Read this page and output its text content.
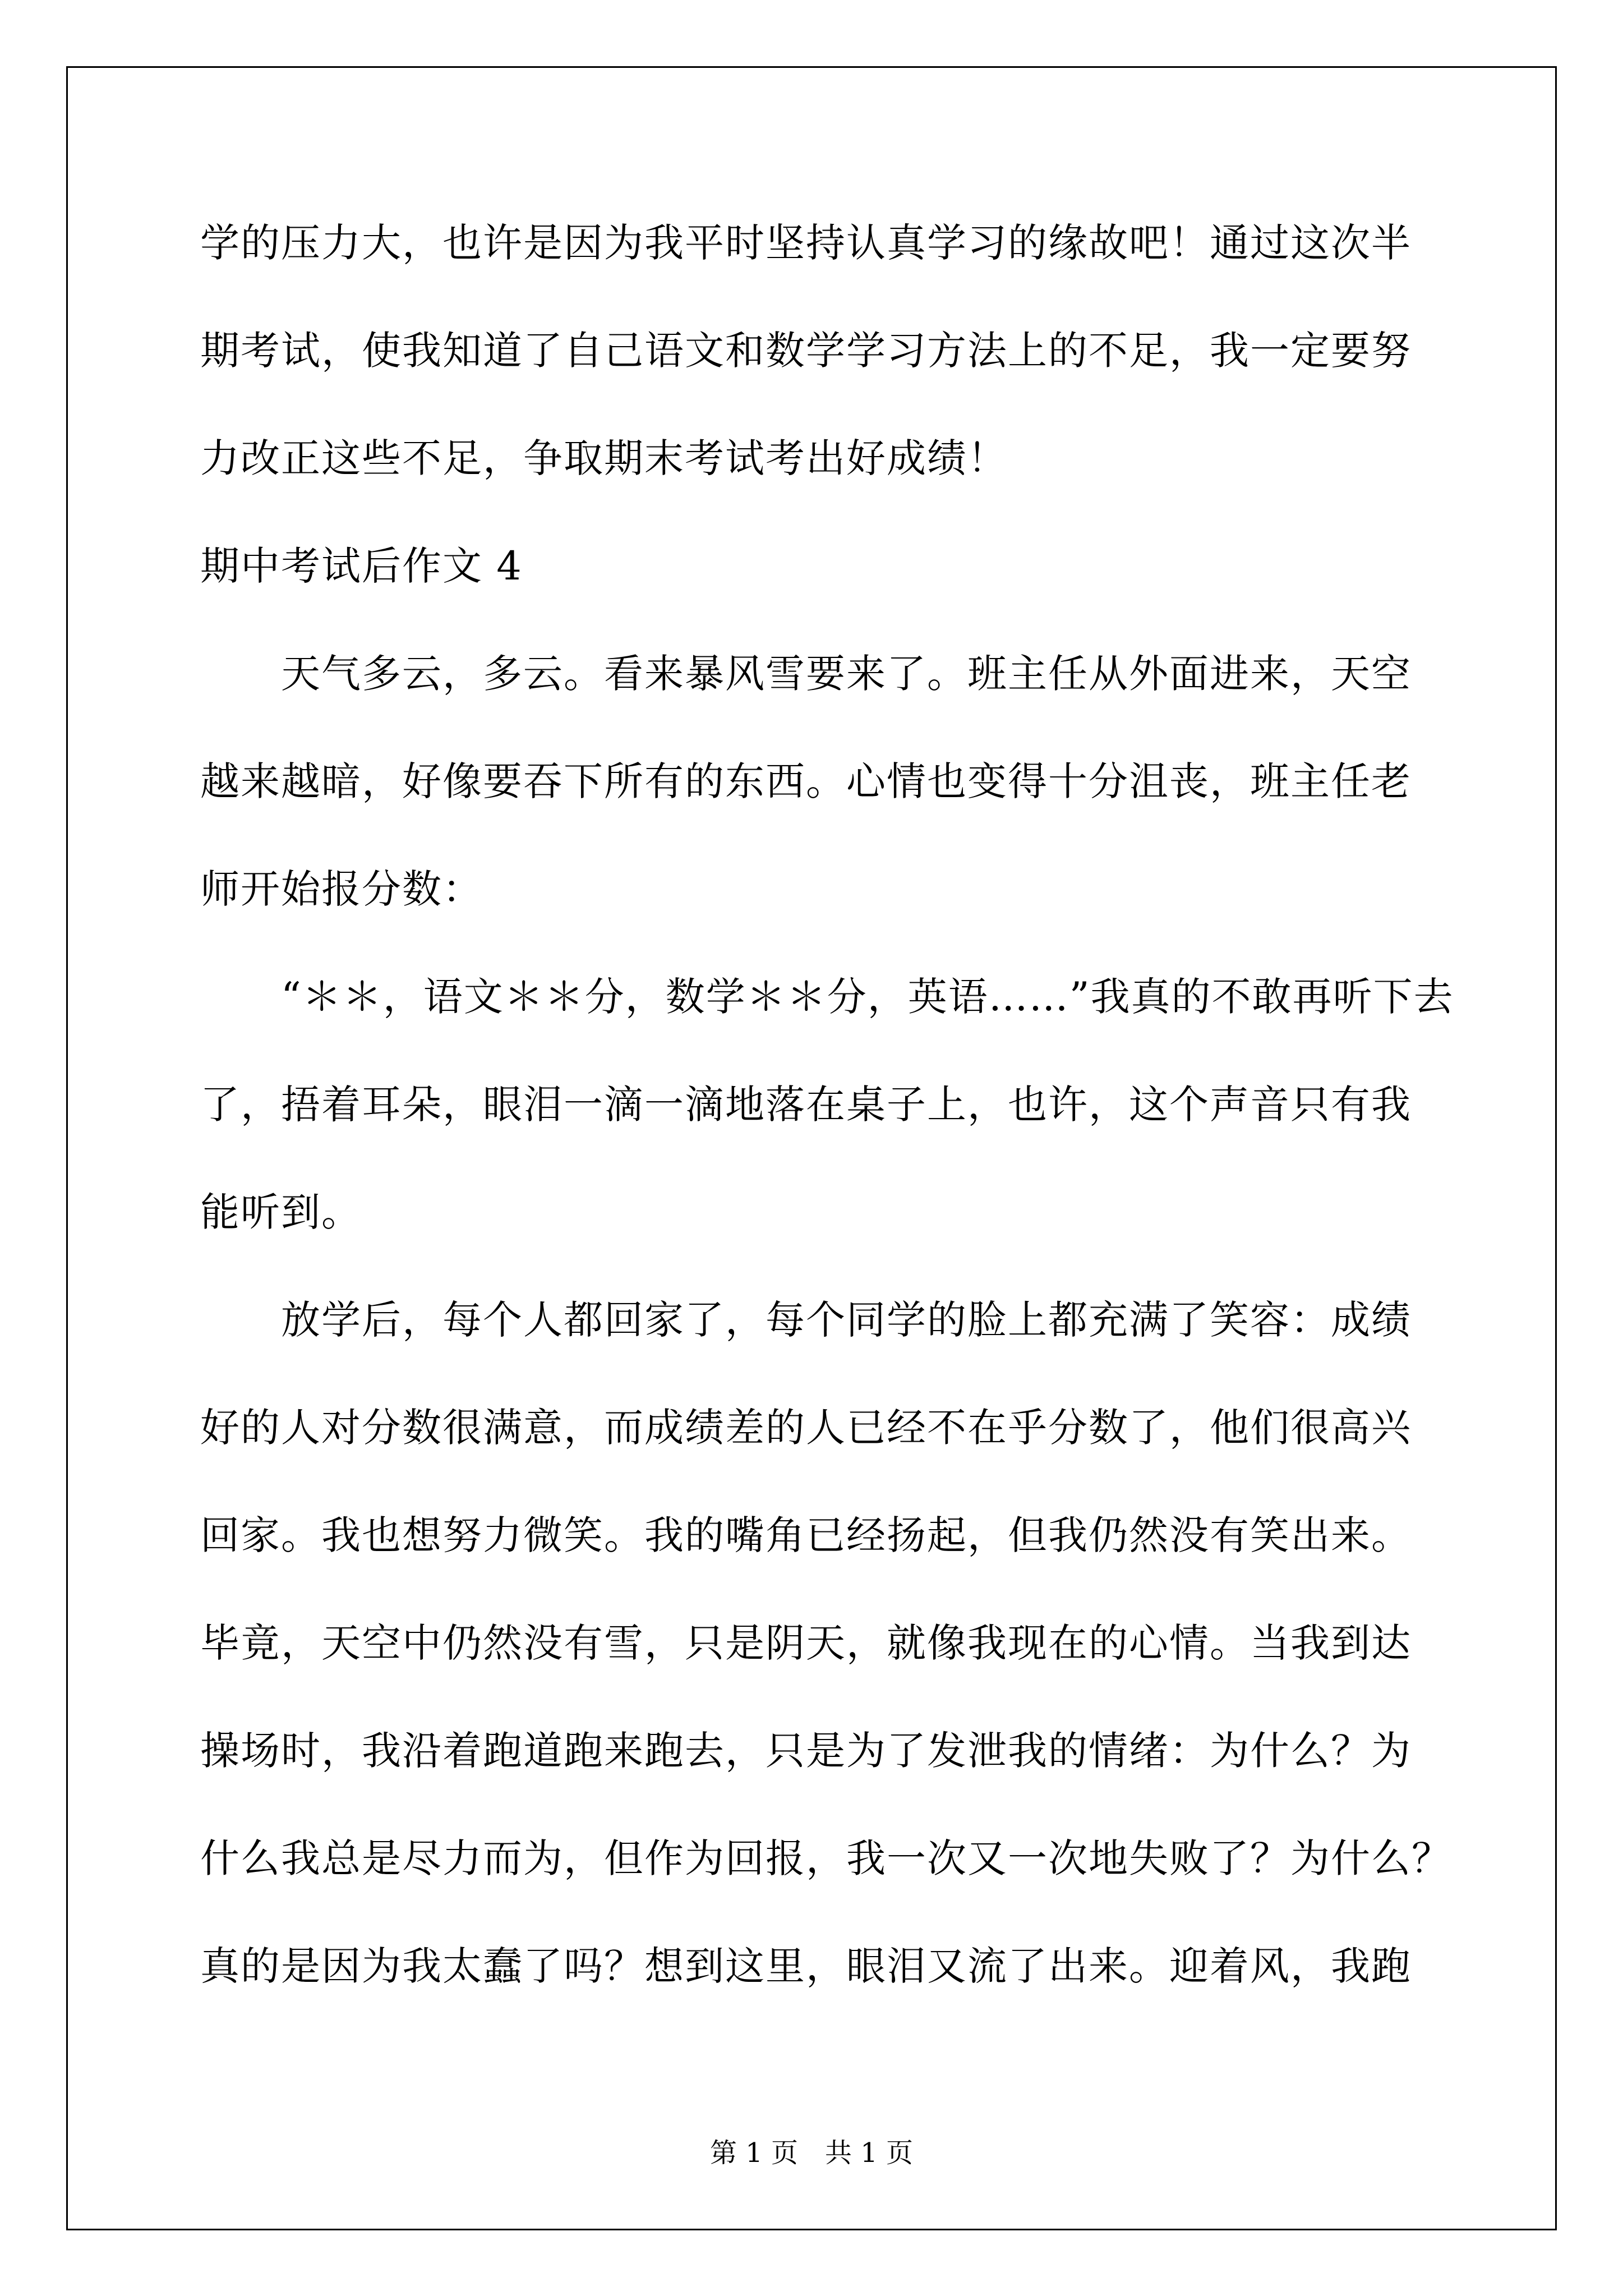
学的压力大，也许是因为我平时坚持认真学习的缘故吧！通过这次半
期考试，使我知道了自己语文和数学学习方法上的不足，我一定要努
力改正这些不足，争取期末考试考出好成绩！
期中考试后作文 4
　　天气多云，多云。看来暴风雪要来了。班主任从外面进来，天空
越来越暗，好像要吞下所有的东西。心情也变得十分沮丧，班主任老
师开始报分数：
　　“＊＊，语文＊＊分，数学＊＊分，英语……”我真的不敢再听下去
了，捂着耳朵，眼泪一滴一滴地落在桌子上，也许，这个声音只有我
能听到。
　　放学后，每个人都回家了，每个同学的脸上都充满了笑容：成绩
好的人对分数很满意，而成绩差的人已经不在乎分数了，他们很高兴
回家。我也想努力微笑。我的嘴角已经扬起，但我仍然没有笑出来。
毕竟，天空中仍然没有雪，只是阴天，就像我现在的心情。当我到达
操场时，我沿着跑道跑来跑去，只是为了发泄我的情绪：为什么？为
什么我总是尽力而为，但作为回报，我一次又一次地失败了？为什么？
真的是因为我太蠢了吗？想到这里，眼泪又流了出来。迎着风，我跑
第 1 页　共 1 页
